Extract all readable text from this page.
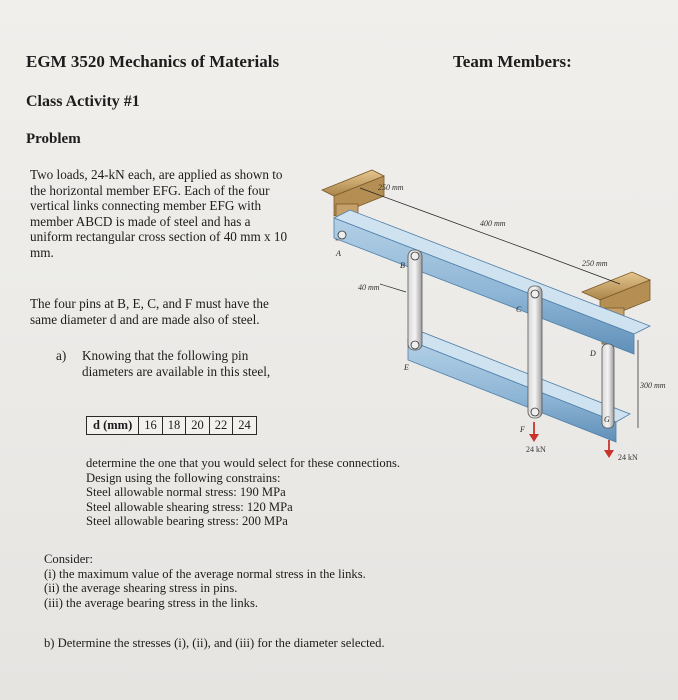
EGM 3520 Mechanics of Materials	Team Members:
Class Activity #1
Problem
Two loads, 24-kN each, are applied as shown to the horizontal member EFG. Each of the four vertical links connecting member EFG with member ABCD is made of steel and has a uniform rectangular cross section of 40 mm x 10 mm.
The four pins at B, E, C, and F must have the same diameter d and are made also of steel.
a) Knowing that the following pin diameters are available in this steel,
d (mm)	16	18	20	22	24
determine the one that you would select for these connections.
Design using the following constrains:
Steel allowable normal stress: 190 MPa
Steel allowable shearing stress: 120 MPa
Steel allowable bearing stress: 200 MPa
Consider:
(i) the maximum value of the average normal stress in the links.
(ii) the average shearing stress in pins.
(iii) the average bearing stress in the links.
b) Determine the stresses (i), (ii), and (iii) for the diameter selected.
250 mm
400 mm
250 mm
40 mm
300 mm
A
B
C
D
E
F
G
24 kN
24 kN
